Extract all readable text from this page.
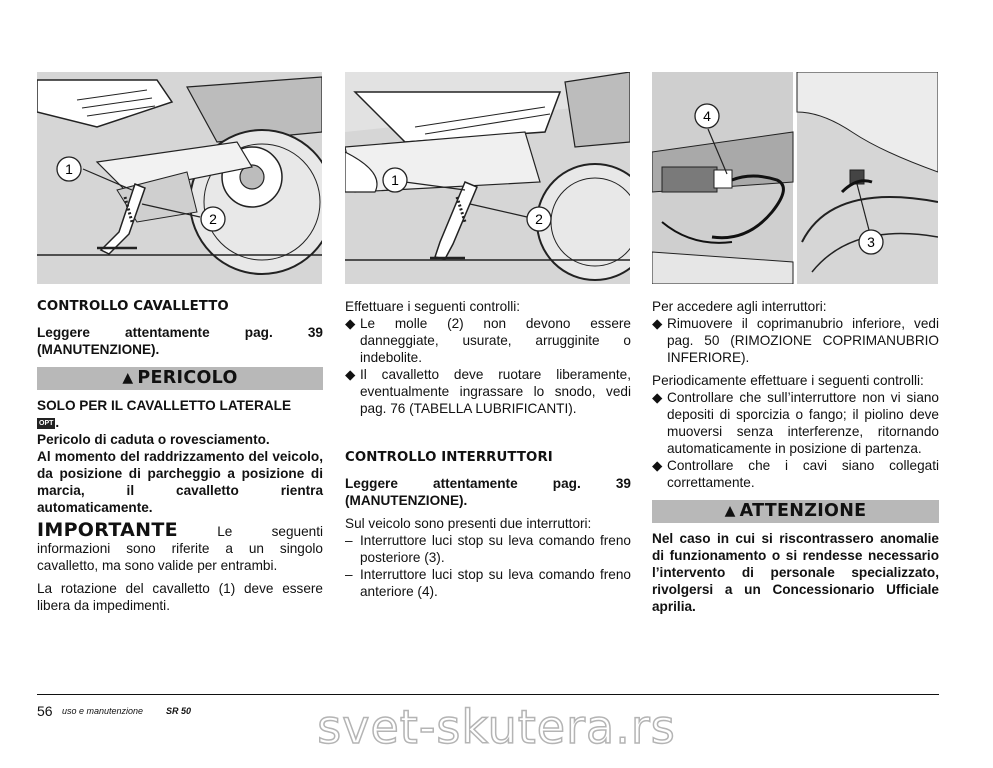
1
2
1
2
4
3
CONTROLLO CAVALLETTO

Leggere attentamente pag. 39 (MANUTENZIONE).

▲ PERICOLO

SOLO PER IL CAVALLETTO LATERALE

OPT .

Pericolo di caduta o rovesciamento.

Al momento del raddrizzamento del veicolo, da posizione di parcheggio a posizione di marcia, il cavalletto rientra automaticamente.

IMPORTANTE	Le seguenti informazioni sono riferite a un singolo cavalletto, ma sono valide per entrambi.

La rotazione del cavalletto (1) deve essere libera da impedimenti.

Effettuare i seguenti controlli:

◆ Le molle (2) non devono essere danneggiate, usurate, arrugginite o indebolite.
◆ Il cavalletto deve ruotare liberamente, eventualmente ingrassare lo snodo, vedi pag. 76 (TABELLA LUBRIFICANTI).
CONTROLLO INTERRUTTORI

Leggere attentamente pag. 39 (MANUTENZIONE).

Sul veicolo sono presenti due interruttori:

– Interruttore luci stop su leva comando freno posteriore (3).
– Interruttore luci stop su leva comando freno anteriore (4).

Per accedere agli interruttori:

◆ Rimuovere il coprimanubrio inferiore, vedi pag. 50 (RIMOZIONE COPRIMANUBRIO INFERIORE).

Periodicamente effettuare i seguenti controlli:

◆ Controllare che sull’interruttore non vi siano depositi di sporcizia o fango; il piolino deve muoversi senza interferenze, ritornando automaticamente in posizione di partenza.
◆ Controllare che i cavi siano collegati correttamente.
▲ ATTENZIONE

Nel caso in cui si riscontrassero anomalie di funzionamento o si rendesse necessario l’intervento di personale specializzato, rivolgersi a un Concessionario Ufficiale aprilia.

56 uso e manutenzione	SR 50	svet-skutera.rs
